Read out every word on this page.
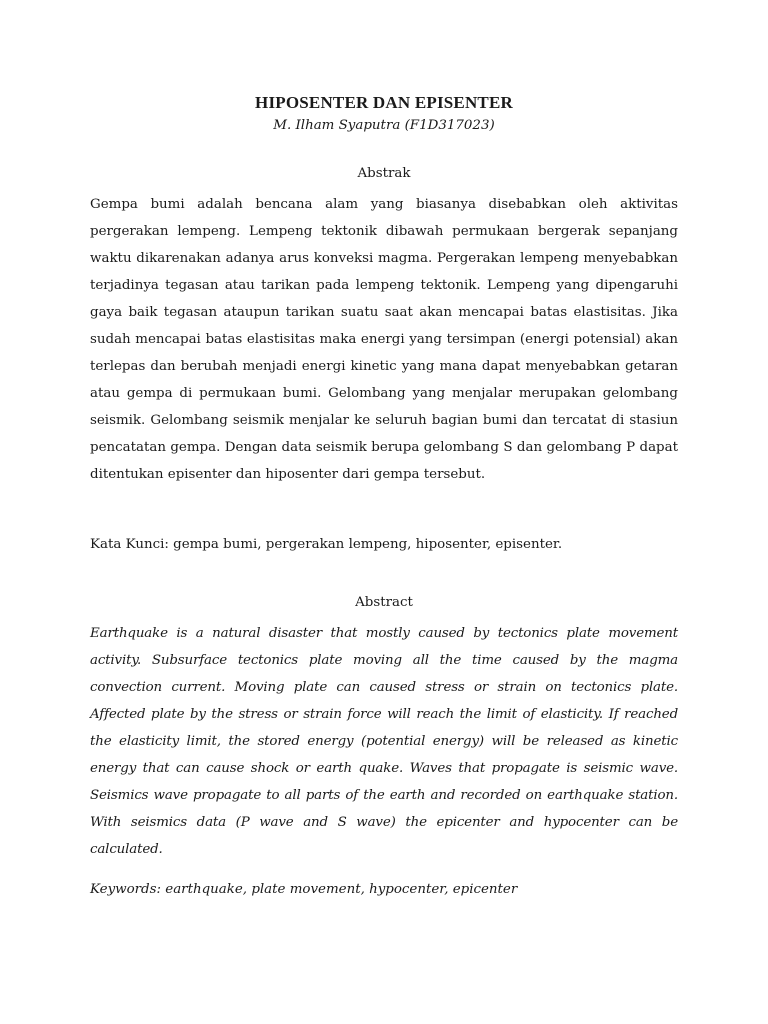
HIPOSENTER DAN EPISENTER

M. Ilham Syaputra (F1D317023)

Abstrak

Gempa bumi adalah bencana alam yang biasanya disebabkan oleh aktivitas pergerakan lempeng. Lempeng tektonik dibawah permukaan bergerak sepanjang waktu dikarenakan adanya arus konveksi magma. Pergerakan lempeng menyebabkan terjadinya tegasan atau tarikan pada lempeng tektonik. Lempeng yang dipengaruhi gaya baik tegasan ataupun tarikan suatu saat akan mencapai batas elastisitas. Jika sudah mencapai batas elastisitas maka energi yang tersimpan (energi potensial) akan terlepas dan berubah menjadi energi kinetic yang mana dapat menyebabkan getaran atau gempa di permukaan bumi. Gelombang yang menjalar merupakan gelombang seismik. Gelombang seismik menjalar ke seluruh bagian bumi dan tercatat di stasiun pencatatan gempa. Dengan data seismik berupa gelombang S dan gelombang P dapat ditentukan episenter dan hiposenter dari gempa tersebut.

Kata Kunci: gempa bumi, pergerakan lempeng, hiposenter, episenter.

Abstract

Earthquake is a natural disaster that mostly caused by tectonics plate movement activity. Subsurface tectonics plate moving all the time caused by the magma convection current. Moving plate can caused stress or strain on tectonics plate. Affected plate by the stress or strain force will reach the limit of elasticity. If reached the elasticity limit, the stored energy (potential energy) will be released as kinetic energy that can cause shock or earth quake. Waves that propagate is seismic wave. Seismics wave propagate to all parts of the earth and recorded on earthquake station. With seismics data (P wave and S wave) the epicenter and hypocenter can be calculated.

Keywords: earthquake, plate movement, hypocenter, epicenter
